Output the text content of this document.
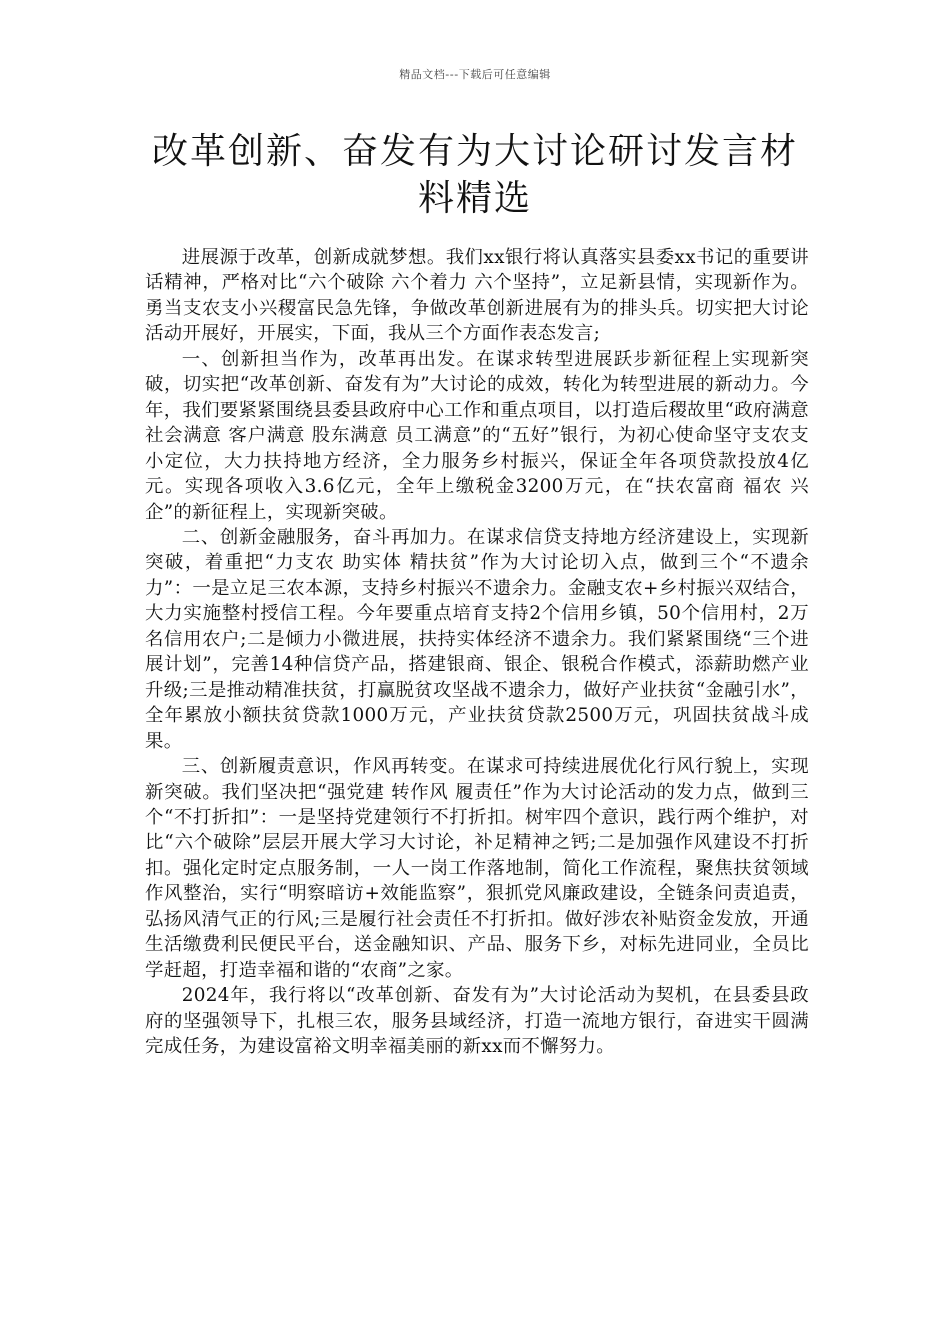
精品文档---下载后可任意编辑
改革创新、奋发有为大讨论研讨发言材料精选

进展源于改革，创新成就梦想。我们xx银行将认真落实县委xx书记的重要讲话精神，严格对比“六个破除 六个着力 六个坚持”，立足新县情，实现新作为。勇当支农支小兴稷富民急先锋，争做改革创新进展有为的排头兵。切实把大讨论活动开展好，开展实，下面，我从三个方面作表态发言;

一、创新担当作为，改革再出发。在谋求转型进展跃步新征程上实现新突破，切实把“改革创新、奋发有为”大讨论的成效，转化为转型进展的新动力。今年，我们要紧紧围绕县委县政府中心工作和重点项目，以打造后稷故里“政府满意 社会满意 客户满意 股东满意 员工满意”的“五好”银行，为初心使命坚守支农支小定位，大力扶持地方经济，全力服务乡村振兴，保证全年各项贷款投放4亿元。实现各项收入3.6亿元，全年上缴税金3200万元，在“扶农富商 福农 兴企”的新征程上，实现新突破。

二、创新金融服务，奋斗再加力。在谋求信贷支持地方经济建设上，实现新突破，着重把“力支农 助实体 精扶贫”作为大讨论切入点，做到三个“不遗余力”：一是立足三农本源，支持乡村振兴不遗余力。金融支农+乡村振兴双结合，大力实施整村授信工程。今年要重点培育支持2个信用乡镇，50个信用村，2万名信用农户;二是倾力小微进展，扶持实体经济不遗余力。我们紧紧围绕“三个进展计划”，完善14种信贷产品，搭建银商、银企、银税合作模式，添薪助燃产业升级;三是推动精准扶贫，打赢脱贫攻坚战不遗余力，做好产业扶贫“金融引水”，全年累放小额扶贫贷款1000万元，产业扶贫贷款2500万元，巩固扶贫战斗成果。

三、创新履责意识，作风再转变。在谋求可持续进展优化行风行貌上，实现新突破。我们坚决把“强党建 转作风 履责任”作为大讨论活动的发力点，做到三个“不打折扣”：一是坚持党建领行不打折扣。树牢四个意识，践行两个维护，对比“六个破除”层层开展大学习大讨论，补足精神之钙;二是加强作风建设不打折扣。强化定时定点服务制，一人一岗工作落地制，简化工作流程，聚焦扶贫领域作风整治，实行“明察暗访+效能监察”，狠抓党风廉政建设，全链条问责追责，弘扬风清气正的行风;三是履行社会责任不打折扣。做好涉农补贴资金发放，开通生活缴费利民便民平台，送金融知识、产品、服务下乡，对标先进同业，全员比学赶超，打造幸福和谐的“农商”之家。

2024年，我行将以“改革创新、奋发有为”大讨论活动为契机，在县委县政府的坚强领导下，扎根三农，服务县域经济，打造一流地方银行，奋进实干圆满完成任务，为建设富裕文明幸福美丽的新xx而不懈努力。
